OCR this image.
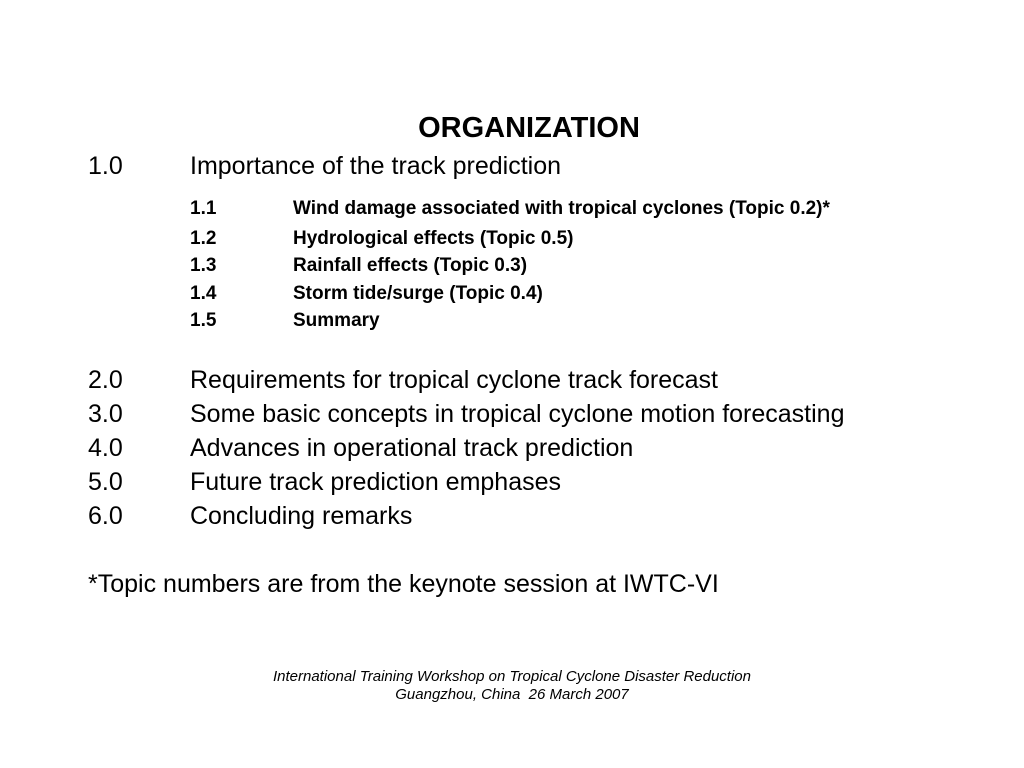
ORGANIZATION
1.0	Importance of the track prediction
1.1	Wind damage associated with tropical cyclones (Topic 0.2)*
1.2	Hydrological effects (Topic 0.5)
1.3	Rainfall effects (Topic 0.3)
1.4	Storm tide/surge (Topic 0.4)
1.5	Summary
2.0	Requirements for tropical cyclone track forecast
3.0	Some basic concepts in tropical cyclone motion forecasting
4.0	Advances in operational track prediction
5.0	Future track prediction emphases
6.0	Concluding remarks
*Topic numbers are from the keynote session at IWTC-VI
International Training Workshop on Tropical Cyclone Disaster Reduction
Guangzhou, China  26 March 2007
